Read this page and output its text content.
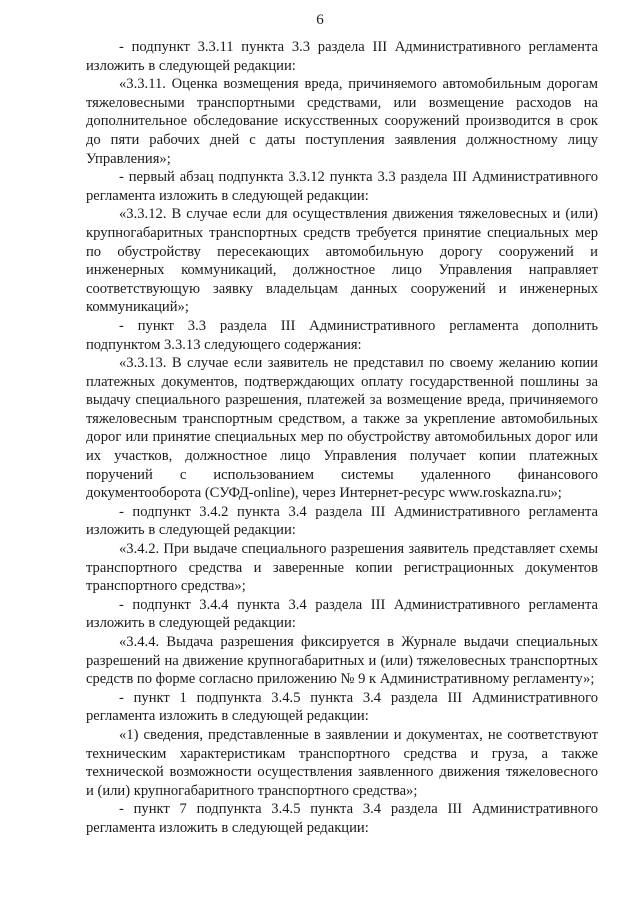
6

- подпункт 3.3.11 пункта 3.3 раздела III Административного регламента изложить в следующей редакции:

«3.3.11. Оценка возмещения вреда, причиняемого автомобильным дорогам тяжеловесными транспортными средствами, или возмещение расходов на дополнительное обследование искусственных сооружений производится в срок до пяти рабочих дней с даты поступления заявления должностному лицу Управления»;

- первый абзац подпункта 3.3.12 пункта 3.3 раздела III Административного регламента изложить в следующей редакции:

«3.3.12. В случае если для осуществления движения тяжеловесных и (или) крупногабаритных транспортных средств требуется принятие специальных мер по обустройству пересекающих автомобильную дорогу сооружений и инженерных коммуникаций, должностное лицо Управления направляет соответствующую заявку владельцам данных сооружений и инженерных коммуникаций»;

- пункт 3.3 раздела III Административного регламента дополнить подпунктом 3.3.13 следующего содержания:

«3.3.13. В случае если заявитель не представил по своему желанию копии платежных документов, подтверждающих оплату государственной пошлины за выдачу специального разрешения, платежей за возмещение вреда, причиняемого тяжеловесным транспортным средством, а также за укрепление автомобильных дорог или принятие специальных мер по обустройству автомобильных дорог или их участков, должностное лицо Управления получает копии платежных поручений с использованием системы удаленного финансового документооборота (СУФД-online), через Интернет-ресурс www.roskazna.ru»;

- подпункт 3.4.2 пункта 3.4 раздела III Административного регламента изложить в следующей редакции:

«3.4.2. При выдаче специального разрешения заявитель представляет схемы транспортного средства и заверенные копии регистрационных документов транспортного средства»;

- подпункт 3.4.4 пункта 3.4 раздела III Административного регламента изложить в следующей редакции:

«3.4.4. Выдача разрешения фиксируется в Журнале выдачи специальных разрешений на движение крупногабаритных и (или) тяжеловесных транспортных средств по форме согласно приложению № 9 к Административному регламенту»;

- пункт 1 подпункта 3.4.5 пункта 3.4 раздела III Административного регламента изложить в следующей редакции:

«1) сведения, представленные в заявлении и документах, не соответствуют техническим характеристикам транспортного средства и груза, а также технической возможности осуществления заявленного движения тяжеловесного и (или) крупногабаритного транспортного средства»;

- пункт 7 подпункта 3.4.5 пункта 3.4 раздела III Административного регламента изложить в следующей редакции:
